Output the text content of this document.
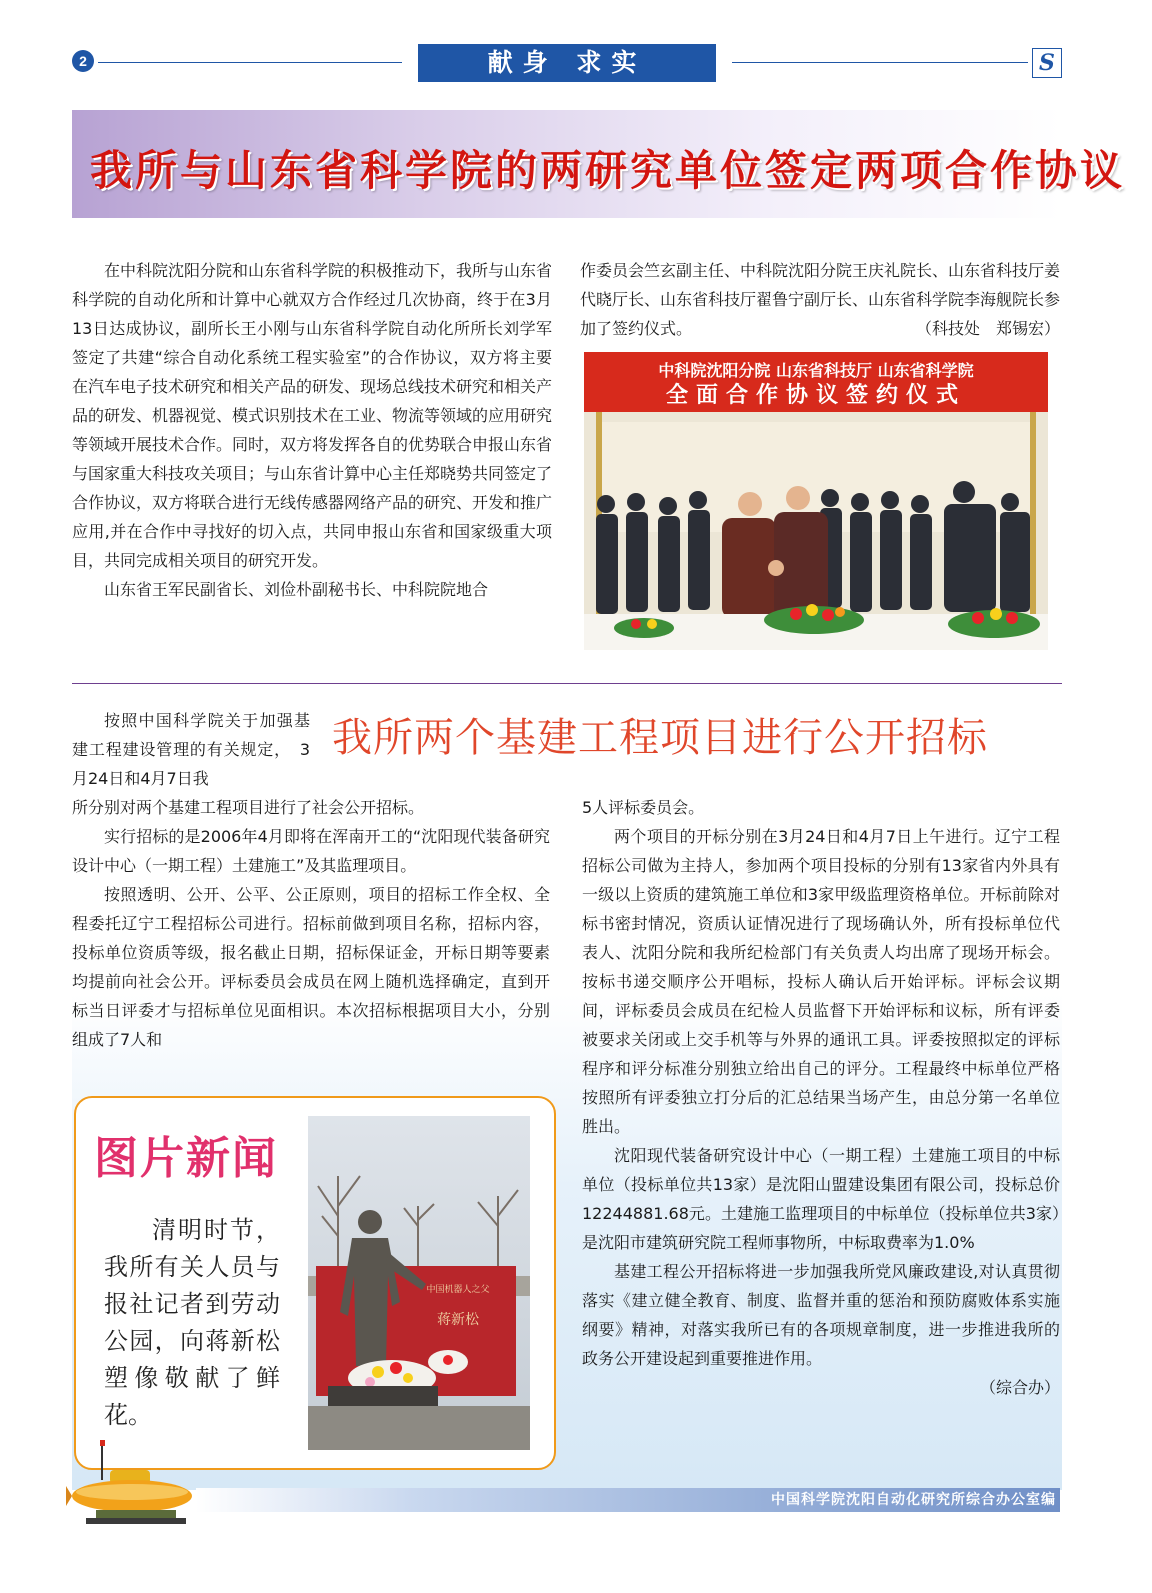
2	献身 求实	S
我所与山东省科学院的两研究单位签定两项合作协议

在中科院沈阳分院和山东省科学院的积极推动下，我所与山东省科学院的自动化所和计算中心就双方合作经过几次协商，终于在3月13日达成协议，副所长王小刚与山东省科学院自动化所所长刘学军签定了共建“综合自动化系统工程实验室”的合作协议，双方将主要在汽车电子技术研究和相关产品的研发、现场总线技术研究和相关产品的研发、机器视觉、模式识别技术在工业、物流等领域的应用研究等领域开展技术合作。同时，双方将发挥各自的优势联合申报山东省与国家重大科技攻关项目；与山东省计算中心主任郑晓势共同签定了合作协议，双方将联合进行无线传感器网络产品的研究、开发和推广应用,并在合作中寻找好的切入点，共同申报山东省和国家级重大项目，共同完成相关项目的研究开发。

山东省王军民副省长、刘俭朴副秘书长、中科院院地合

作委员会竺玄副主任、中科院沈阳分院王庆礼院长、山东省科技厅姜代晓厅长、山东省科技厅翟鲁宁副厅长、山东省科学院李海舰院长参加了签约仪式。	（科技处　郑锡宏）

中科院沈阳分院 山东省科技厅 山东省科学院
全面合作协议签约仪式
我所两个基建工程项目进行公开招标

按照中国科学院关于加强基建工程建设管理的有关规定，　3月24日和4月7日我

所分别对两个基建工程项目进行了社会公开招标。

实行招标的是2006年4月即将在浑南开工的“沈阳现代装备研究设计中心（一期工程）土建施工”及其监理项目。

按照透明、公开、公平、公正原则，项目的招标工作全权、全程委托辽宁工程招标公司进行。招标前做到项目名称，招标内容，投标单位资质等级，报名截止日期，招标保证金，开标日期等要素均提前向社会公开。评标委员会成员在网上随机选择确定，直到开标当日评委才与招标单位见面相识。本次招标根据项目大小，分别组成了7人和

5人评标委员会。

两个项目的开标分别在3月24日和4月7日上午进行。辽宁工程招标公司做为主持人，参加两个项目投标的分别有13家省内外具有一级以上资质的建筑施工单位和3家甲级监理资格单位。开标前除对标书密封情况，资质认证情况进行了现场确认外，所有投标单位代表人、沈阳分院和我所纪检部门有关负责人均出席了现场开标会。按标书递交顺序公开唱标，投标人确认后开始评标。评标会议期间，评标委员会成员在纪检人员监督下开始评标和议标，所有评委被要求关闭或上交手机等与外界的通讯工具。评委按照拟定的评标程序和评分标准分别独立给出自己的评分。工程最终中标单位严格按照所有评委独立打分后的汇总结果当场产生，由总分第一名单位胜出。

沈阳现代装备研究设计中心（一期工程）土建施工项目的中标单位（投标单位共13家）是沈阳山盟建设集团有限公司，投标总价12244881.68元。土建施工监理项目的中标单位（投标单位共3家）是沈阳市建筑研究院工程师事物所，中标取费率为1.0%

基建工程公开招标将进一步加强我所党风廉政建设,对认真贯彻落实《建立健全教育、制度、监督并重的惩治和预防腐败体系实施纲要》精神，对落实我所已有的各项规章制度，进一步推进我所的政务公开建设起到重要推进作用。

（综合办）

图片新闻

清明时节，我所有关人员与报社记者到劳动公园，向蒋新松塑像敬献了鲜花。

中国机器人之父
蒋新松
中国科学院沈阳自动化研究所综合办公室编
